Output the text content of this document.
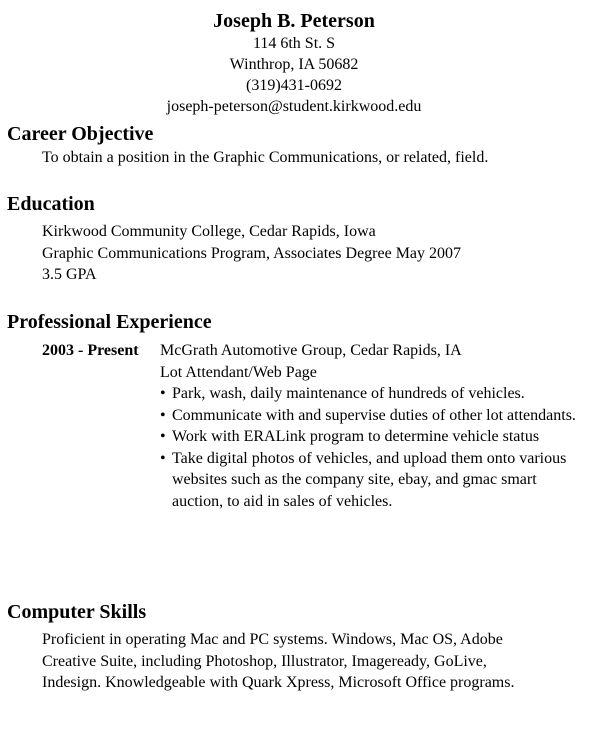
Joseph B. Peterson
114 6th St. S
Winthrop, IA 50682
(319)431-0692
joseph-peterson@student.kirkwood.edu
Career Objective
To obtain a position in the Graphic Communications, or related, field.
Education
Kirkwood Community College, Cedar Rapids, Iowa
Graphic Communications Program, Associates Degree May 2007
3.5 GPA
Professional Experience
2003 - Present McGrath Automotive Group, Cedar Rapids, IA
Lot Attendant/Web Page
• Park, wash, daily maintenance of hundreds of vehicles.
• Communicate with and supervise duties of other lot attendants.
• Work with ERALink program to determine vehicle status
• Take digital photos of vehicles, and upload them onto various websites such as the company site, ebay, and gmac smart auction, to aid in sales of vehicles.
Computer Skills
Proficient in operating Mac and PC systems. Windows, Mac OS, Adobe
Creative Suite, including Photoshop, Illustrator, Imageready, GoLive,
Indesign. Knowledgeable with Quark Xpress, Microsoft Office programs.
